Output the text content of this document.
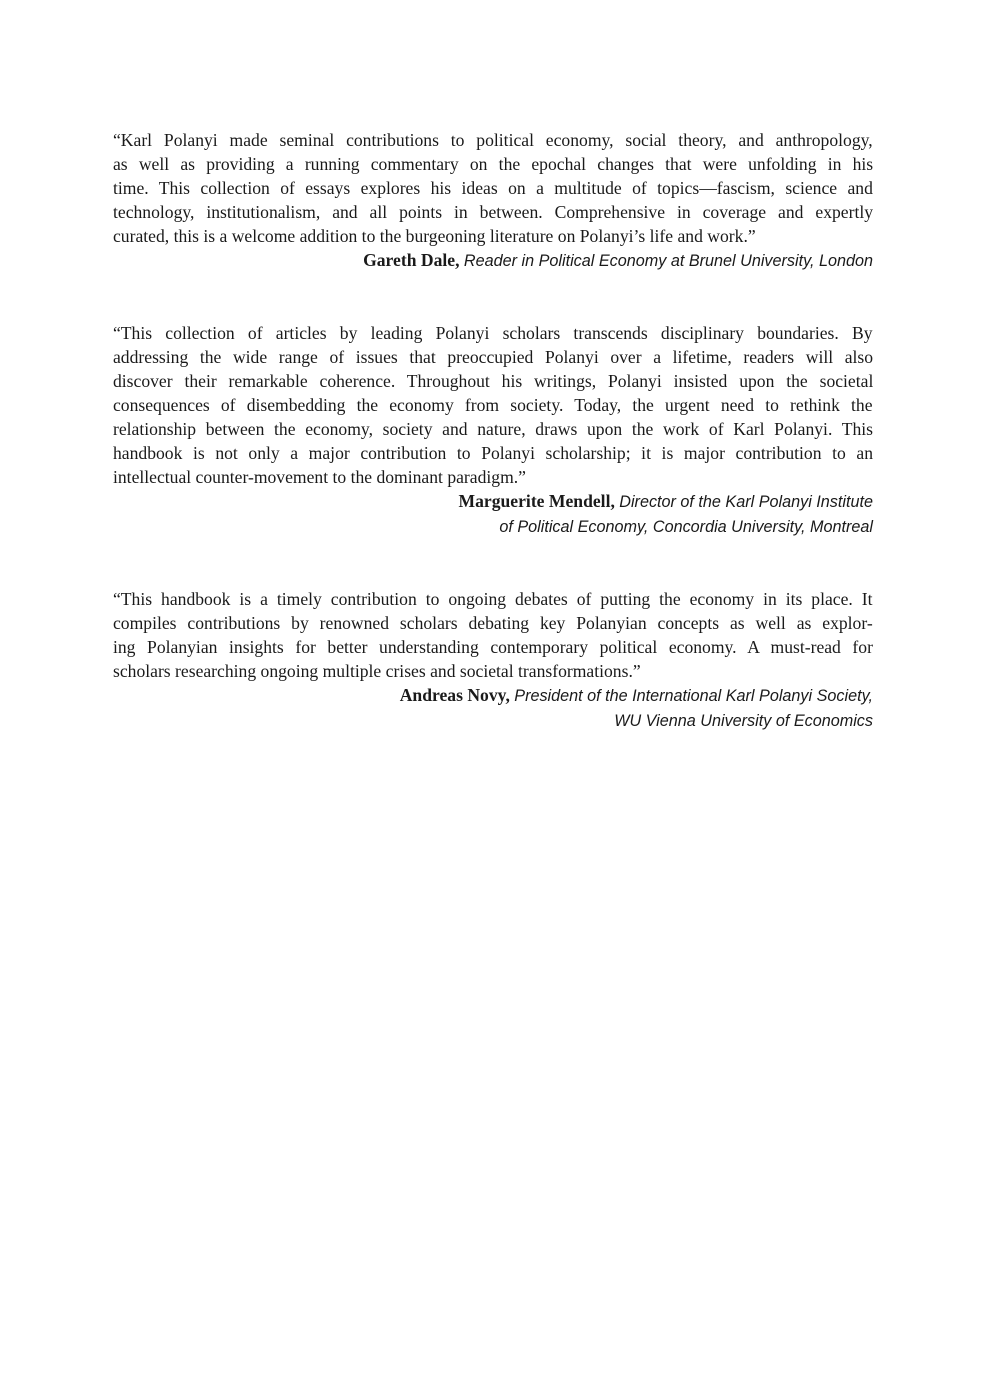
“Karl Polanyi made seminal contributions to political economy, social theory, and anthropology,
as well as providing a running commentary on the epochal changes that were unfolding in his
time. This collection of essays explores his ideas on a multitude of topics—fascism, science and
technology, institutionalism, and all points in between. Comprehensive in coverage and expertly
curated, this is a welcome addition to the burgeoning literature on Polanyi’s life and work.”
Gareth Dale, Reader in Political Economy at Brunel University, London
“This collection of articles by leading Polanyi scholars transcends disciplinary boundaries. By
addressing the wide range of issues that preoccupied Polanyi over a lifetime, readers will also
discover their remarkable coherence. Throughout his writings, Polanyi insisted upon the societal
consequences of disembedding the economy from society. Today, the urgent need to rethink the
relationship between the economy, society and nature, draws upon the work of Karl Polanyi. This
handbook is not only a major contribution to Polanyi scholarship; it is major contribution to an
intellectual counter-movement to the dominant paradigm.”
Marguerite Mendell, Director of the Karl Polanyi Institute
of Political Economy, Concordia University, Montreal
“This handbook is a timely contribution to ongoing debates of putting the economy in its place. It
compiles contributions by renowned scholars debating key Polanyian concepts as well as explor-
ing Polanyian insights for better understanding contemporary political economy. A must-read for
scholars researching ongoing multiple crises and societal transformations.”
Andreas Novy, President of the International Karl Polanyi Society,
WU Vienna University of Economics
